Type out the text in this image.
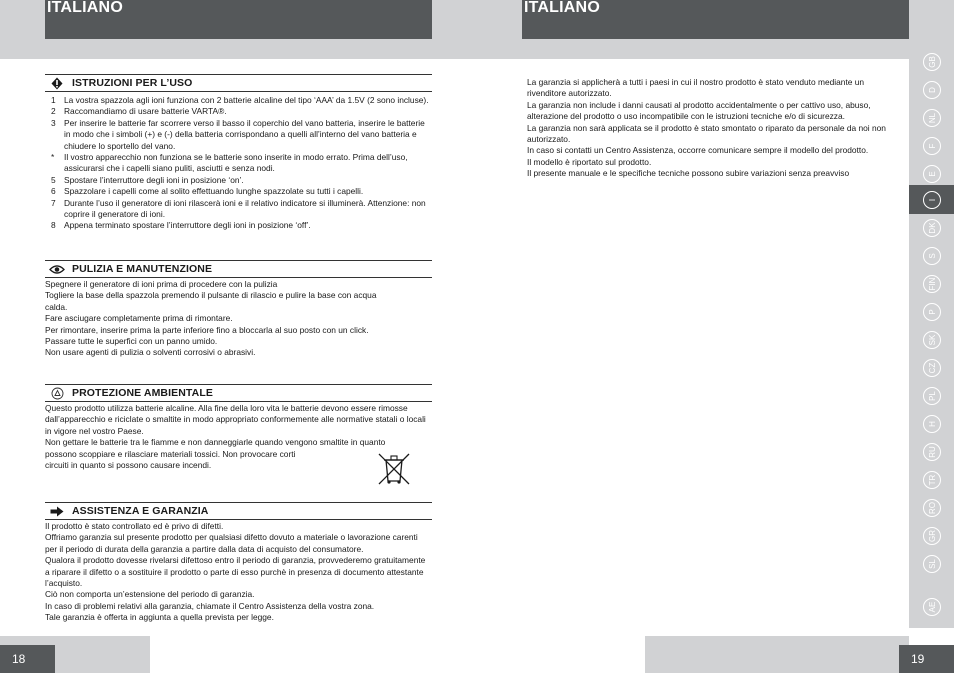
ITALIANO	ITALIANO
ISTRUZIONI PER L’USO
1 La vostra spazzola agli ioni funziona con 2 batterie alcaline del tipo ‘AAA’ da 1.5V (2 sono incluse).
2 Raccomandiamo di usare batterie VARTA®.
3 Per inserire le batterie far scorrere verso il basso il coperchio del vano batteria, inserire le batterie in modo che i simboli (+) e (-) della batteria corrispondano a quelli all’interno del vano batteria e chiudere lo sportello del vano.
*	Il vostro apparecchio non funziona se le batterie sono inserite in modo errato. Prima dell’uso, assicurarsi che i capelli siano puliti, asciutti e senza nodi.
5 Spostare l’interruttore degli ioni in posizione ‘on’.
6 Spazzolare i capelli come al solito effettuando lunghe spazzolate su tutti i capelli.
7 Durante l’uso il generatore di ioni rilascerà ioni e il relativo indicatore si illuminerà. Attenzione: non coprire il generatore di ioni.
8 Appena terminato spostare l’interruttore degli ioni in posizione ‘off’.
PULIZIA E MANUTENZIONE
Spegnere il generatore di ioni prima di procedere con la pulizia
Togliere la base della spazzola premendo il pulsante di rilascio e pulire la base con acqua calda.
Fare asciugare completamente prima di rimontare.
Per rimontare, inserire prima la parte inferiore fino a bloccarla al suo posto con un click.
Passare tutte le superfici con un panno umido.
Non usare agenti di pulizia o solventi corrosivi o abrasivi.
PROTEZIONE AMBIENTALE
Questo prodotto utilizza batterie alcaline. Alla fine della loro vita le batterie devono essere rimosse dall’apparecchio e riciclate o smaltite in modo appropriato conformemente alle normative statali o locali in vigore nel vostro Paese.
Non gettare le batterie tra le fiamme e non danneggiarle quando vengono smaltite in quanto possono scoppiare e rilasciare materiali tossici. Non provocare corti
circuiti in quanto si possono causare incendi.
ASSISTENZA E GARANZIA
Il prodotto è stato controllato ed è privo di difetti.
Offriamo garanzia sul presente prodotto per qualsiasi difetto dovuto a materiale o lavorazione carenti per il periodo di durata della garanzia a partire dalla data di acquisto del consumatore.
Qualora il prodotto dovesse rivelarsi difettoso entro il periodo di garanzia, provvederemo gratuitamente a riparare il difetto o a sostituire il prodotto o parte di esso purchè in presenza di documento attestante l’acquisto.
Ciò non comporta un’estensione del periodo di garanzia.
In caso di problemi relativi alla garanzia, chiamate il Centro Assistenza della vostra zona.
Tale garanzia è offerta in aggiunta a quella prevista per legge.
La garanzia si applicherà a tutti i paesi in cui il nostro prodotto è stato venduto mediante un rivenditore autorizzato.
La garanzia non include i danni causati al prodotto accidentalmente o per cattivo uso, abuso, alterazione del prodotto o uso incompatibile con le istruzioni tecniche e/o di sicurezza.
La garanzia non sarà applicata se il prodotto è stato smontato o riparato da personale da noi non autorizzato.
In caso si contatti un Centro Assistenza, occorre comunicare sempre il modello del prodotto.
Il modello è riportato sul prodotto.
Il presente manuale e le specifiche tecniche possono subire variazioni senza preavviso
GB
D
NL
F
E
I
DK
S
FIN
P
SK
CZ
PL
H
RU
TR
RO
GR
SL
AE
18	19
